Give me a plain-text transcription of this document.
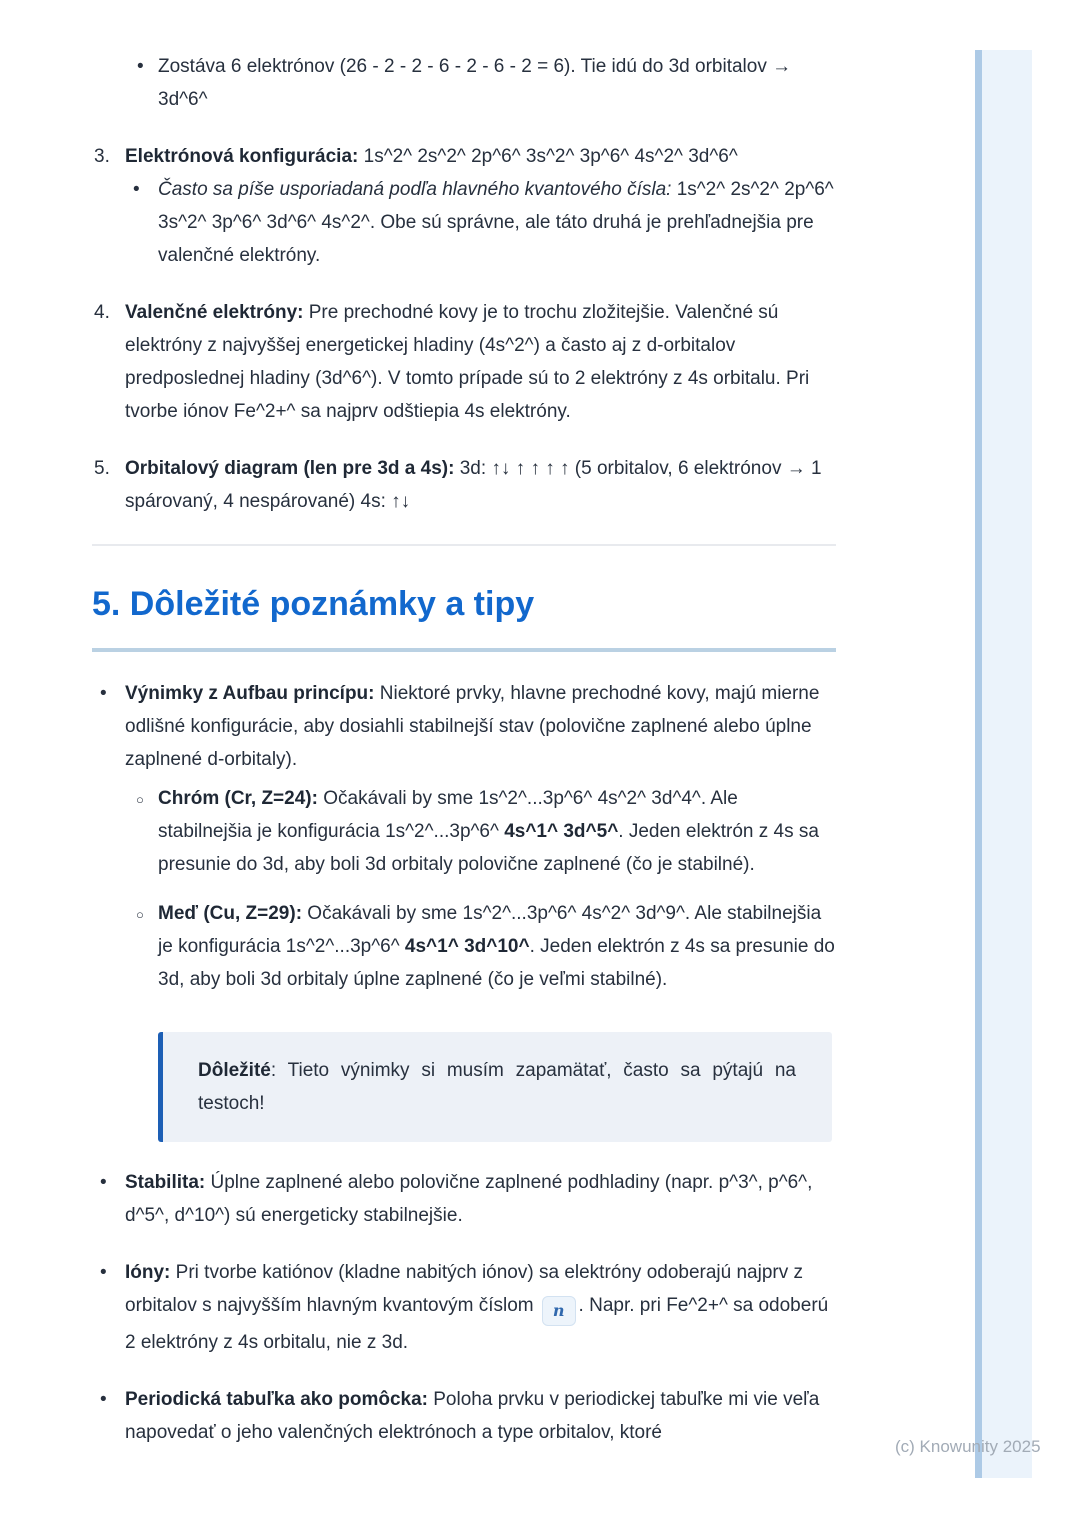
• Zostáva 6 elektrónov (26 - 2 - 2 - 6 - 2 - 6 - 2 = 6). Tie idú do 3d orbitalov → 3d^6^
3. Elektrónová konfigurácia: 1s^2^ 2s^2^ 2p^6^ 3s^2^ 3p^6^ 4s^2^ 3d^6^
• Často sa píše usporiadaná podľa hlavného kvantového čísla: 1s^2^ 2s^2^ 2p^6^ 3s^2^ 3p^6^ 3d^6^ 4s^2^. Obe sú správne, ale táto druhá je prehľadnejšia pre valenčné elektróny.
4. Valenčné elektróny: Pre prechodné kovy je to trochu zložitejšie. Valenčné sú elektróny z najvyššej energetickej hladiny (4s^2^) a často aj z d-orbitalov predposlednej hladiny (3d^6^). V tomto prípade sú to 2 elektróny z 4s orbitalu. Pri tvorbe iónov Fe^2+^ sa najprv odštiepia 4s elektróny.
5. Orbitalový diagram (len pre 3d a 4s): 3d: ↑↓ ↑ ↑ ↑ ↑ (5 orbitalov, 6 elektrónov → 1 spárovaný, 4 nespárované) 4s: ↑↓
5. Dôležité poznámky a tipy
• Výnimky z Aufbau princípu: Niektoré prvky, hlavne prechodné kovy, majú mierne odlišné konfigurácie, aby dosiahli stabilnejší stav (polovične zaplnené alebo úplne zaplnené d-orbitaly).
○ Chróm (Cr, Z=24): Očakávali by sme 1s^2^...3p^6^ 4s^2^ 3d^4^. Ale stabilnejšia je konfigurácia 1s^2^...3p^6^ 4s^1^ 3d^5^. Jeden elektrón z 4s sa presunie do 3d, aby boli 3d orbitaly polovične zaplnené (čo je stabilné).
○ Meď (Cu, Z=29): Očakávali by sme 1s^2^...3p^6^ 4s^2^ 3d^9^. Ale stabilnejšia je konfigurácia 1s^2^...3p^6^ 4s^1^ 3d^10^. Jeden elektrón z 4s sa presunie do 3d, aby boli 3d orbitaly úplne zaplnené (čo je veľmi stabilné).
Dôležité: Tieto výnimky si musím zapamätať, často sa pýtajú na testoch!
• Stabilita: Úplne zaplnené alebo polovične zaplnené podhladiny (napr. p^3^, p^6^, d^5^, d^10^) sú energeticky stabilnejšie.
• Ióny: Pri tvorbe katiónov (kladne nabitých iónov) sa elektróny odoberajú najprv z orbitalov s najvyšším hlavným kvantovým číslom n . Napr. pri Fe^2+^ sa odoberú 2 elektróny z 4s orbitalu, nie z 3d.
• Periodická tabuľka ako pomôcka: Poloha prvku v periodickej tabuľke mi vie veľa napovedať o jeho valenčných elektrónoch a type orbitalov, ktoré
(c) Knowunity 2025
